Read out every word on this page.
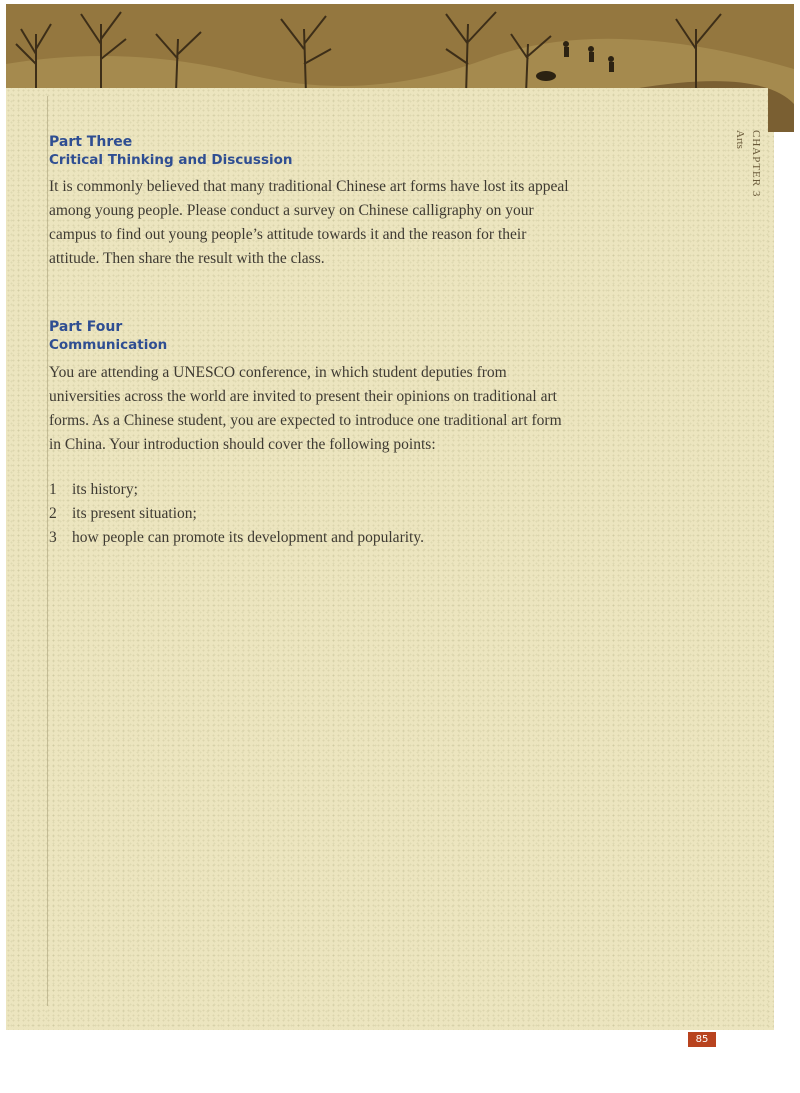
CHAPTER 3
Arts
Part Three
Critical Thinking and Discussion

It is commonly believed that many traditional Chinese art forms have lost its appeal among young people. Please conduct a survey on Chinese calligraphy on your campus to find out young people’s attitude towards it and the reason for their attitude. Then share the result with the class.

Part Four
Communication

You are attending a UNESCO conference, in which student deputies from universities across the world are invited to present their opinions on traditional art forms. As a Chinese student, you are expected to introduce one traditional art form in China. Your introduction should cover the following points:

1 its history;
2 its present situation;
3 how people can promote its development and popularity.
85
